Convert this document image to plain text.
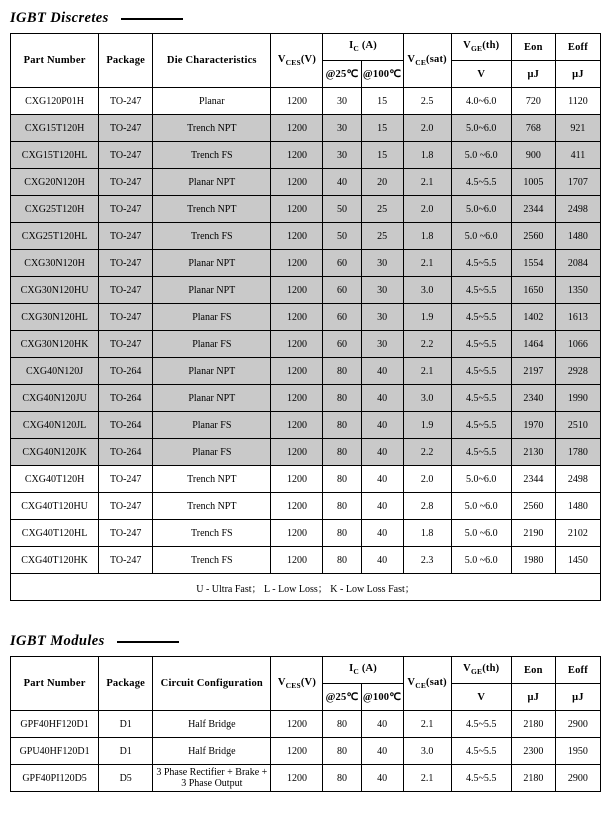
IGBT Discretes
Part Number	Package	Die Characteristics	$V_{CES}(V)$	$I_C$ (A)		$V_{CE}(sat)$	$V_{GE}(th)$	Eon	Eoff
				@25℃	@100℃		V	μJ	μJ
CXG120P01H	TO-247	Planar	1200	30	15	2.5	4.0~6.0	720	1120
CXG15T120H	TO-247	Trench NPT	1200	30	15	2.0	5.0~6.0	768	921
CXG15T120HL	TO-247	Trench FS	1200	30	15	1.8	5.0 ~6.0	900	411
CXG20N120H	TO-247	Planar NPT	1200	40	20	2.1	4.5~5.5	1005	1707
CXG25T120H	TO-247	Trench NPT	1200	50	25	2.0	5.0~6.0	2344	2498
CXG25T120HL	TO-247	Trench FS	1200	50	25	1.8	5.0 ~6.0	2560	1480
CXG30N120H	TO-247	Planar NPT	1200	60	30	2.1	4.5~5.5	1554	2084
CXG30N120HU	TO-247	Planar NPT	1200	60	30	3.0	4.5~5.5	1650	1350
CXG30N120HL	TO-247	Planar FS	1200	60	30	1.9	4.5~5.5	1402	1613
CXG30N120HK	TO-247	Planar FS	1200	60	30	2.2	4.5~5.5	1464	1066
CXG40N120J	TO-264	Planar NPT	1200	80	40	2.1	4.5~5.5	2197	2928
CXG40N120JU	TO-264	Planar NPT	1200	80	40	3.0	4.5~5.5	2340	1990
CXG40N120JL	TO-264	Planar FS	1200	80	40	1.9	4.5~5.5	1970	2510
CXG40N120JK	TO-264	Planar FS	1200	80	40	2.2	4.5~5.5	2130	1780
CXG40T120H	TO-247	Trench NPT	1200	80	40	2.0	5.0~6.0	2344	2498
CXG40T120HU	TO-247	Trench NPT	1200	80	40	2.8	5.0 ~6.0	2560	1480
CXG40T120HL	TO-247	Trench FS	1200	80	40	1.8	5.0 ~6.0	2190	2102
CXG40T120HK	TO-247	Trench FS	1200	80	40	2.3	5.0 ~6.0	1980	1450
U - Ultra Fast； L - Low Loss； K - Low Loss Fast；									
IGBT Modules
Part Number	Package	Circuit Configuration	$V_{CES}(V)$	$I_C$ (A)		$V_{CE}(sat)$	$V_{GE}(th)$	Eon	Eoff
				@25℃	@100℃		V	μJ	μJ
GPF40HF120D1	D1	Half Bridge	1200	80	40	2.1	4.5~5.5	2180	2900
GPU40HF120D1	D1	Half Bridge	1200	80	40	3.0	4.5~5.5	2300	1950
GPF40PI120D5	D5	3 Phase Rectifier + Brake + 3 Phase Output	1200	80	40	2.1	4.5~5.5	2180	2900
